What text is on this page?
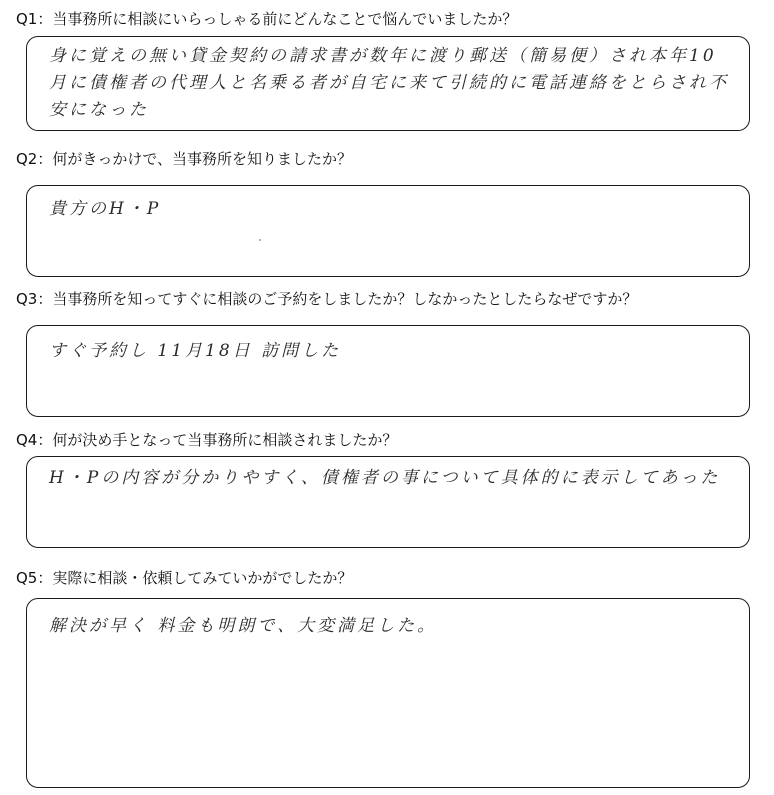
Q1：当事務所に相談にいらっしゃる前にどんなことで悩んでいましたか？
身に覚えの無い貸金契約の請求書が数年に渡り郵送（簡易便）され本年10月に債権者の代理人と名乗る者が自宅に来て引続的に電話連絡をとらされ不安になった
Q2：何がきっかけで、当事務所を知りましたか？
貴方のH・P
Q3：当事務所を知ってすぐに相談のご予約をしましたか？しなかったとしたらなぜですか？
すぐ予約し 11月18日 訪問した
Q4：何が決め手となって当事務所に相談されましたか？
H・Pの内容が分かりやすく、債権者の事について具体的に表示してあった
Q5：実際に相談・依頼してみていかがでしたか？
解決が早く 料金も明朗で、大変満足した。
